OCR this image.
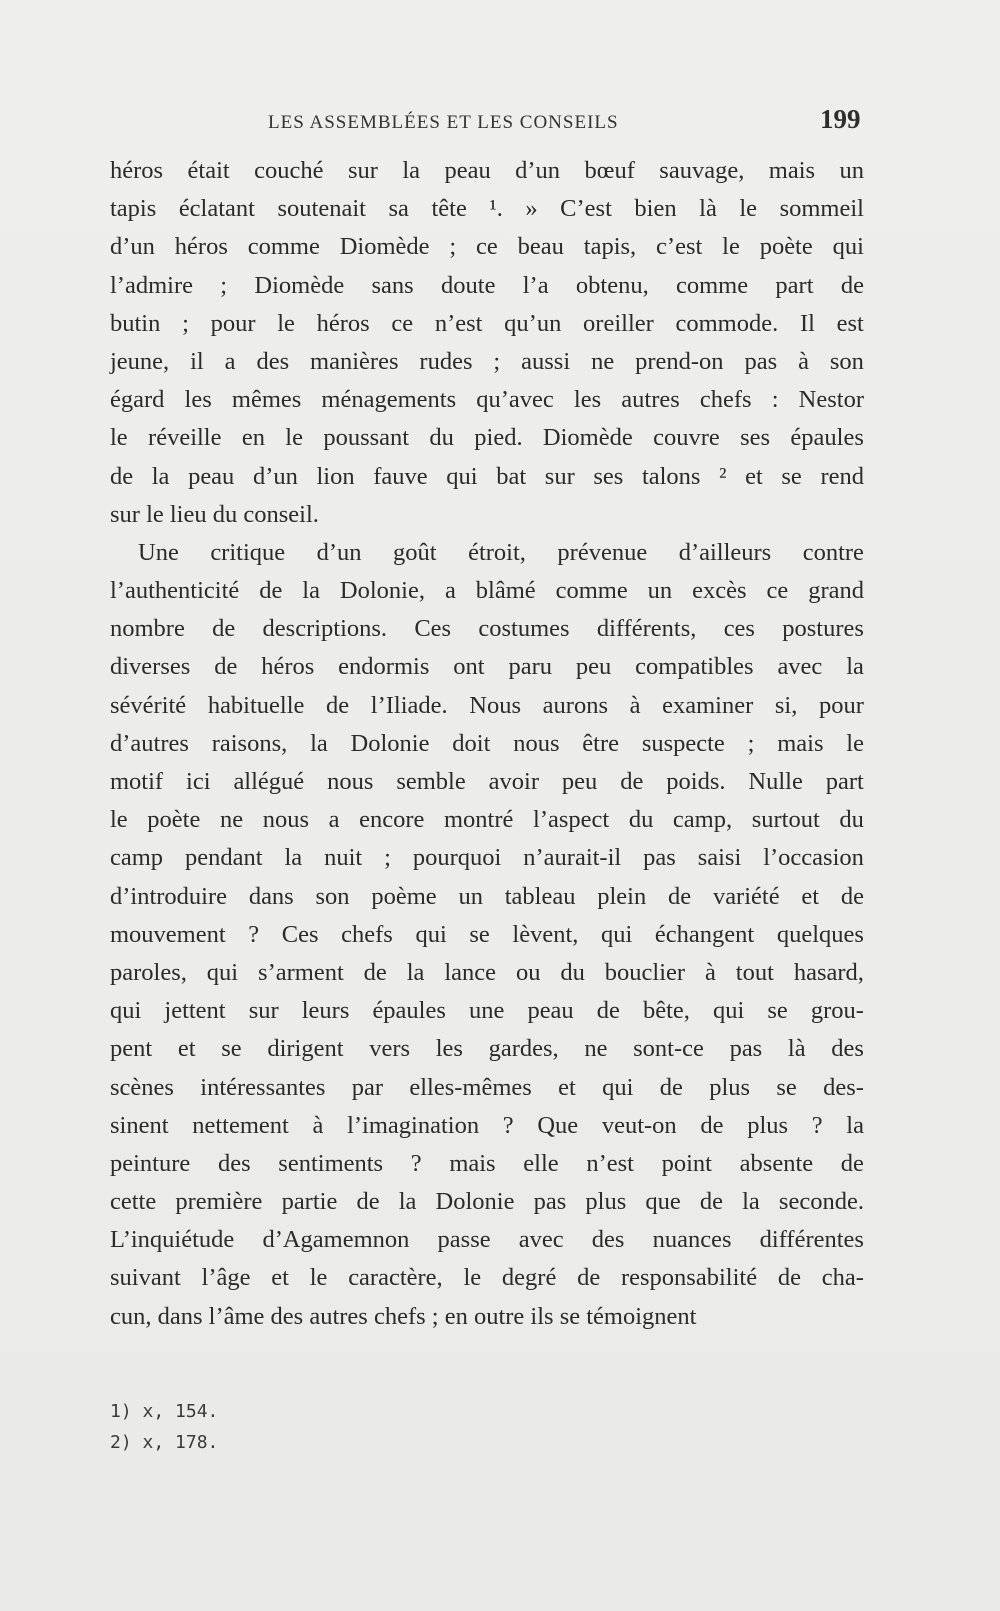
LES ASSEMBLÉES ET LES CONSEILS	199
héros était couché sur la peau d’un bœuf sauvage, mais un
tapis éclatant soutenait sa tête ¹. » C’est bien là le sommeil
d’un héros comme Diomède ; ce beau tapis, c’est le poète qui
l’admire ; Diomède sans doute l’a obtenu, comme part de
butin ; pour le héros ce n’est qu’un oreiller commode. Il est
jeune, il a des manières rudes ; aussi ne prend-on pas à son
égard les mêmes ménagements qu’avec les autres chefs : Nestor
le réveille en le poussant du pied. Diomède couvre ses épaules
de la peau d’un lion fauve qui bat sur ses talons ² et se rend
sur le lieu du conseil.
Une critique d’un goût étroit, prévenue d’ailleurs contre
l’authenticité de la Dolonie, a blâmé comme un excès ce grand
nombre de descriptions. Ces costumes différents, ces postures
diverses de héros endormis ont paru peu compatibles avec la
sévérité habituelle de l’Iliade. Nous aurons à examiner si, pour
d’autres raisons, la Dolonie doit nous être suspecte ; mais le
motif ici allégué nous semble avoir peu de poids. Nulle part
le poète ne nous a encore montré l’aspect du camp, surtout du
camp pendant la nuit ; pourquoi n’aurait-il pas saisi l’occasion
d’introduire dans son poème un tableau plein de variété et de
mouvement ? Ces chefs qui se lèvent, qui échangent quelques
paroles, qui s’arment de la lance ou du bouclier à tout hasard,
qui jettent sur leurs épaules une peau de bête, qui se grou-
pent et se dirigent vers les gardes, ne sont-ce pas là des
scènes intéressantes par elles-mêmes et qui de plus se des-
sinent nettement à l’imagination ? Que veut-on de plus ? la
peinture des sentiments ? mais elle n’est point absente de
cette première partie de la Dolonie pas plus que de la seconde.
L’inquiétude d’Agamemnon passe avec des nuances différentes
suivant l’âge et le caractère, le degré de responsabilité de cha-
cun, dans l’âme des autres chefs ; en outre ils se témoignent
1) x, 154.
2) x, 178.
